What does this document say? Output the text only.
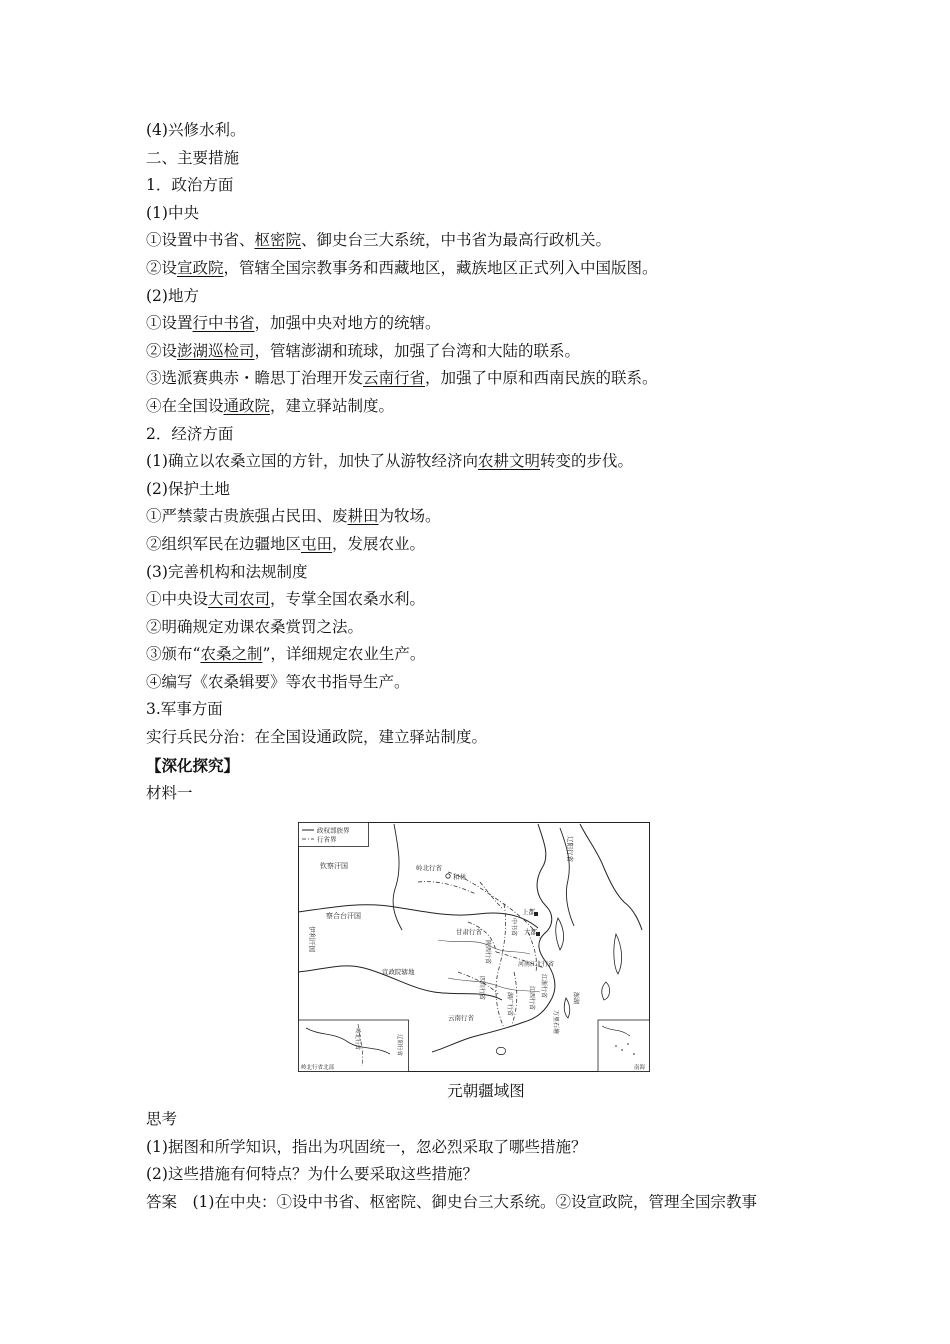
(4)兴修水利。
二、主要措施
1．政治方面
(1)中央
①设置中书省、枢密院、御史台三大系统，中书省为最高行政机关。
②设宣政院，管辖全国宗教事务和西藏地区，藏族地区正式列入中国版图。
(2)地方
①设置行中书省，加强中央对地方的统辖。
②设澎湖巡检司，管辖澎湖和琉球，加强了台湾和大陆的联系。
③选派赛典赤・瞻思丁治理开发云南行省，加强了中原和西南民族的联系。
④在全国设通政院，建立驿站制度。
2．经济方面
(1)确立以农桑立国的方针，加快了从游牧经济向农耕文明转变的步伐。
(2)保护土地
①严禁蒙古贵族强占民田、废耕田为牧场。
②组织军民在边疆地区屯田，发展农业。
(3)完善机构和法规制度
①中央设大司农司，专掌全国农桑水利。
②明确规定劝课农桑赏罚之法。
③颁布“农桑之制”，详细规定农业生产。
④编写《农桑辑要》等农书指导生产。
3.军事方面
实行兵民分治：在全国设通政院，建立驿站制度。
【深化探究】
材料一
政权部族界
行省界
钦察汗国	岭北行省
和林
察合台汗国
伊利汗国
辽阳行省
上都
大都
中书省
甘肃行省
陕西行省
河南江北行省
宣政院辖地
四川行省	江浙行省
江西行省
湖广行省
云南行省
澎湖
万里石塘
岭北行省北部
岭北行省	辽阳行省
南海
元朝疆域图
思考
(1)据图和所学知识，指出为巩固统一，忽必烈采取了哪些措施？
(2)这些措施有何特点？为什么要采取这些措施？
答案　(1)在中央：①设中书省、枢密院、御史台三大系统。②设宣政院，管理全国宗教事
